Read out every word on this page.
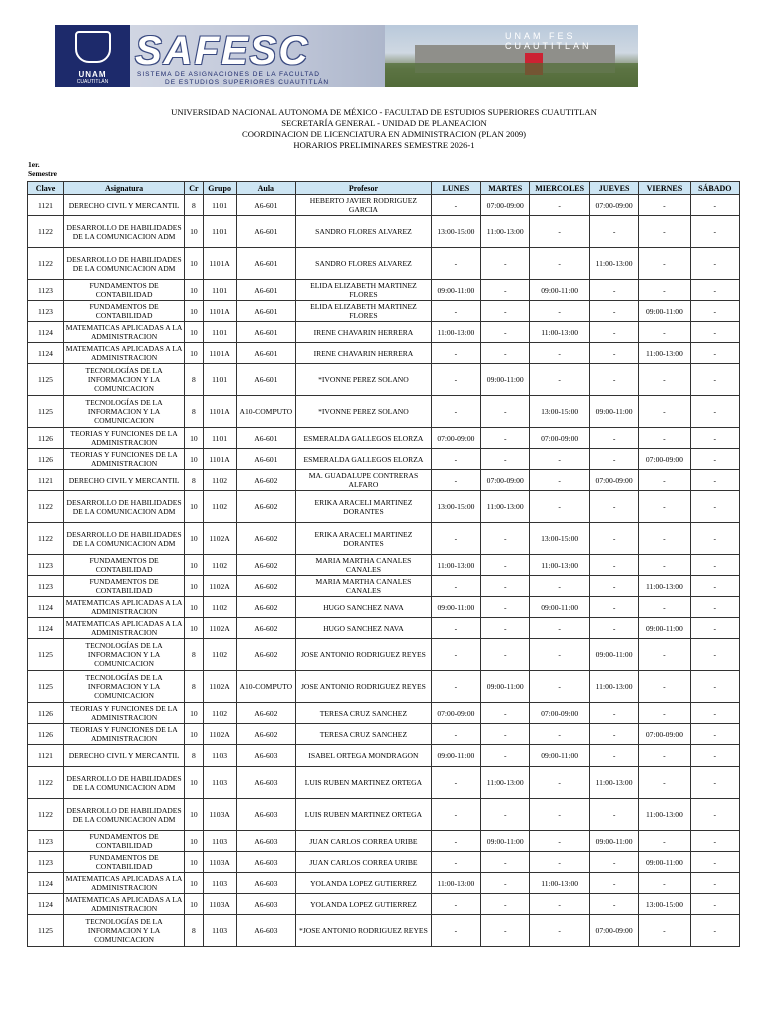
UNAM
CUAUTITLÁN
SAFESC
SISTEMA DE ASIGNACIONES DE LA FACULTAD
DE ESTUDIOS SUPERIORES CUAUTITLÁN
UNAM FES CUAUTITLAN
UNIVERSIDAD NACIONAL AUTONOMA DE MÉXICO - FACULTAD DE ESTUDIOS SUPERIORES CUAUTITLAN
SECRETARÍA GENERAL - UNIDAD DE PLANEACION
COORDINACION DE LICENCIATURA EN ADMINISTRACION (PLAN 2009)
HORARIOS PRELIMINARES SEMESTRE 2026-1
1er.
Semestre
Clave	Asignatura	Cr	Grupo	Aula	Profesor	LUNES	MARTES	MIERCOLES	JUEVES	VIERNES	SÁBADO
1121	DERECHO CIVIL Y MERCANTIL	8	1101	A6-601	HEBERTO JAVIER RODRIGUEZ GARCIA	-	07:00-09:00	-	07:00-09:00	-	-
1122	DESARROLLO DE HABILIDADES DE LA COMUNICACION ADM	10	1101	A6-601	SANDRO FLORES ALVAREZ	13:00-15:00	11:00-13:00	-	-	-	-
1122	DESARROLLO DE HABILIDADES DE LA COMUNICACION ADM	10	1101A	A6-601	SANDRO FLORES ALVAREZ	-	-	-	11:00-13:00	-	-
1123	FUNDAMENTOS DE CONTABILIDAD	10	1101	A6-601	ELIDA ELIZABETH MARTINEZ FLORES	09:00-11:00	-	09:00-11:00	-	-	-
1123	FUNDAMENTOS DE CONTABILIDAD	10	1101A	A6-601	ELIDA ELIZABETH MARTINEZ FLORES	-	-	-	-	09:00-11:00	-
1124	MATEMATICAS APLICADAS A LA ADMINISTRACION	10	1101	A6-601	IRENE CHAVARIN HERRERA	11:00-13:00	-	11:00-13:00	-	-	-
1124	MATEMATICAS APLICADAS A LA ADMINISTRACION	10	1101A	A6-601	IRENE CHAVARIN HERRERA	-	-	-	-	11:00-13:00	-
1125	TECNOLOGÍAS DE LA INFORMACION Y LA COMUNICACION	8	1101	A6-601	*IVONNE PEREZ SOLANO	-	09:00-11:00	-	-	-	-
1125	TECNOLOGÍAS DE LA INFORMACION Y LA COMUNICACION	8	1101A	A10-COMPUTO	*IVONNE PEREZ SOLANO	-	-	13:00-15:00	09:00-11:00	-	-
1126	TEORIAS Y FUNCIONES DE LA ADMINISTRACION	10	1101	A6-601	ESMERALDA GALLEGOS ELORZA	07:00-09:00	-	07:00-09:00	-	-	-
1126	TEORIAS Y FUNCIONES DE LA ADMINISTRACION	10	1101A	A6-601	ESMERALDA GALLEGOS ELORZA	-	-	-	-	07:00-09:00	-
1121	DERECHO CIVIL Y MERCANTIL	8	1102	A6-602	MA. GUADALUPE CONTRERAS ALFARO	-	07:00-09:00	-	07:00-09:00	-	-
1122	DESARROLLO DE HABILIDADES DE LA COMUNICACION ADM	10	1102	A6-602	ERIKA ARACELI MARTINEZ DORANTES	13:00-15:00	11:00-13:00	-	-	-	-
1122	DESARROLLO DE HABILIDADES DE LA COMUNICACION ADM	10	1102A	A6-602	ERIKA ARACELI MARTINEZ DORANTES	-	-	13:00-15:00	-	-	-
1123	FUNDAMENTOS DE CONTABILIDAD	10	1102	A6-602	MARIA MARTHA CANALES CANALES	11:00-13:00	-	11:00-13:00	-	-	-
1123	FUNDAMENTOS DE CONTABILIDAD	10	1102A	A6-602	MARIA MARTHA CANALES CANALES	-	-	-	-	11:00-13:00	-
1124	MATEMATICAS APLICADAS A LA ADMINISTRACION	10	1102	A6-602	HUGO SANCHEZ NAVA	09:00-11:00	-	09:00-11:00	-	-	-
1124	MATEMATICAS APLICADAS A LA ADMINISTRACION	10	1102A	A6-602	HUGO SANCHEZ NAVA	-	-	-	-	09:00-11:00	-
1125	TECNOLOGÍAS DE LA INFORMACION Y LA COMUNICACION	8	1102	A6-602	JOSE ANTONIO RODRIGUEZ REYES	-	-	-	09:00-11:00	-	-
1125	TECNOLOGÍAS DE LA INFORMACION Y LA COMUNICACION	8	1102A	A10-COMPUTO	JOSE ANTONIO RODRIGUEZ REYES	-	09:00-11:00	-	11:00-13:00	-	-
1126	TEORIAS Y FUNCIONES DE LA ADMINISTRACION	10	1102	A6-602	TERESA CRUZ SANCHEZ	07:00-09:00	-	07:00-09:00	-	-	-
1126	TEORIAS Y FUNCIONES DE LA ADMINISTRACION	10	1102A	A6-602	TERESA CRUZ SANCHEZ	-	-	-	-	07:00-09:00	-
1121	DERECHO CIVIL Y MERCANTIL	8	1103	A6-603	ISABEL ORTEGA MONDRAGON	09:00-11:00	-	09:00-11:00	-	-	-
1122	DESARROLLO DE HABILIDADES DE LA COMUNICACION ADM	10	1103	A6-603	LUIS RUBEN MARTINEZ ORTEGA	-	11:00-13:00	-	11:00-13:00	-	-
1122	DESARROLLO DE HABILIDADES DE LA COMUNICACION ADM	10	1103A	A6-603	LUIS RUBEN MARTINEZ ORTEGA	-	-	-	-	11:00-13:00	-
1123	FUNDAMENTOS DE CONTABILIDAD	10	1103	A6-603	JUAN CARLOS CORREA URIBE	-	09:00-11:00	-	09:00-11:00	-	-
1123	FUNDAMENTOS DE CONTABILIDAD	10	1103A	A6-603	JUAN CARLOS CORREA URIBE	-	-	-	-	09:00-11:00	-
1124	MATEMATICAS APLICADAS A LA ADMINISTRACION	10	1103	A6-603	YOLANDA LOPEZ GUTIERREZ	11:00-13:00	-	11:00-13:00	-	-	-
1124	MATEMATICAS APLICADAS A LA ADMINISTRACION	10	1103A	A6-603	YOLANDA LOPEZ GUTIERREZ	-	-	-	-	13:00-15:00	-
1125	TECNOLOGÍAS DE LA INFORMACION Y LA COMUNICACION	8	1103	A6-603	*JOSE ANTONIO RODRIGUEZ REYES	-	-	-	07:00-09:00	-	-
